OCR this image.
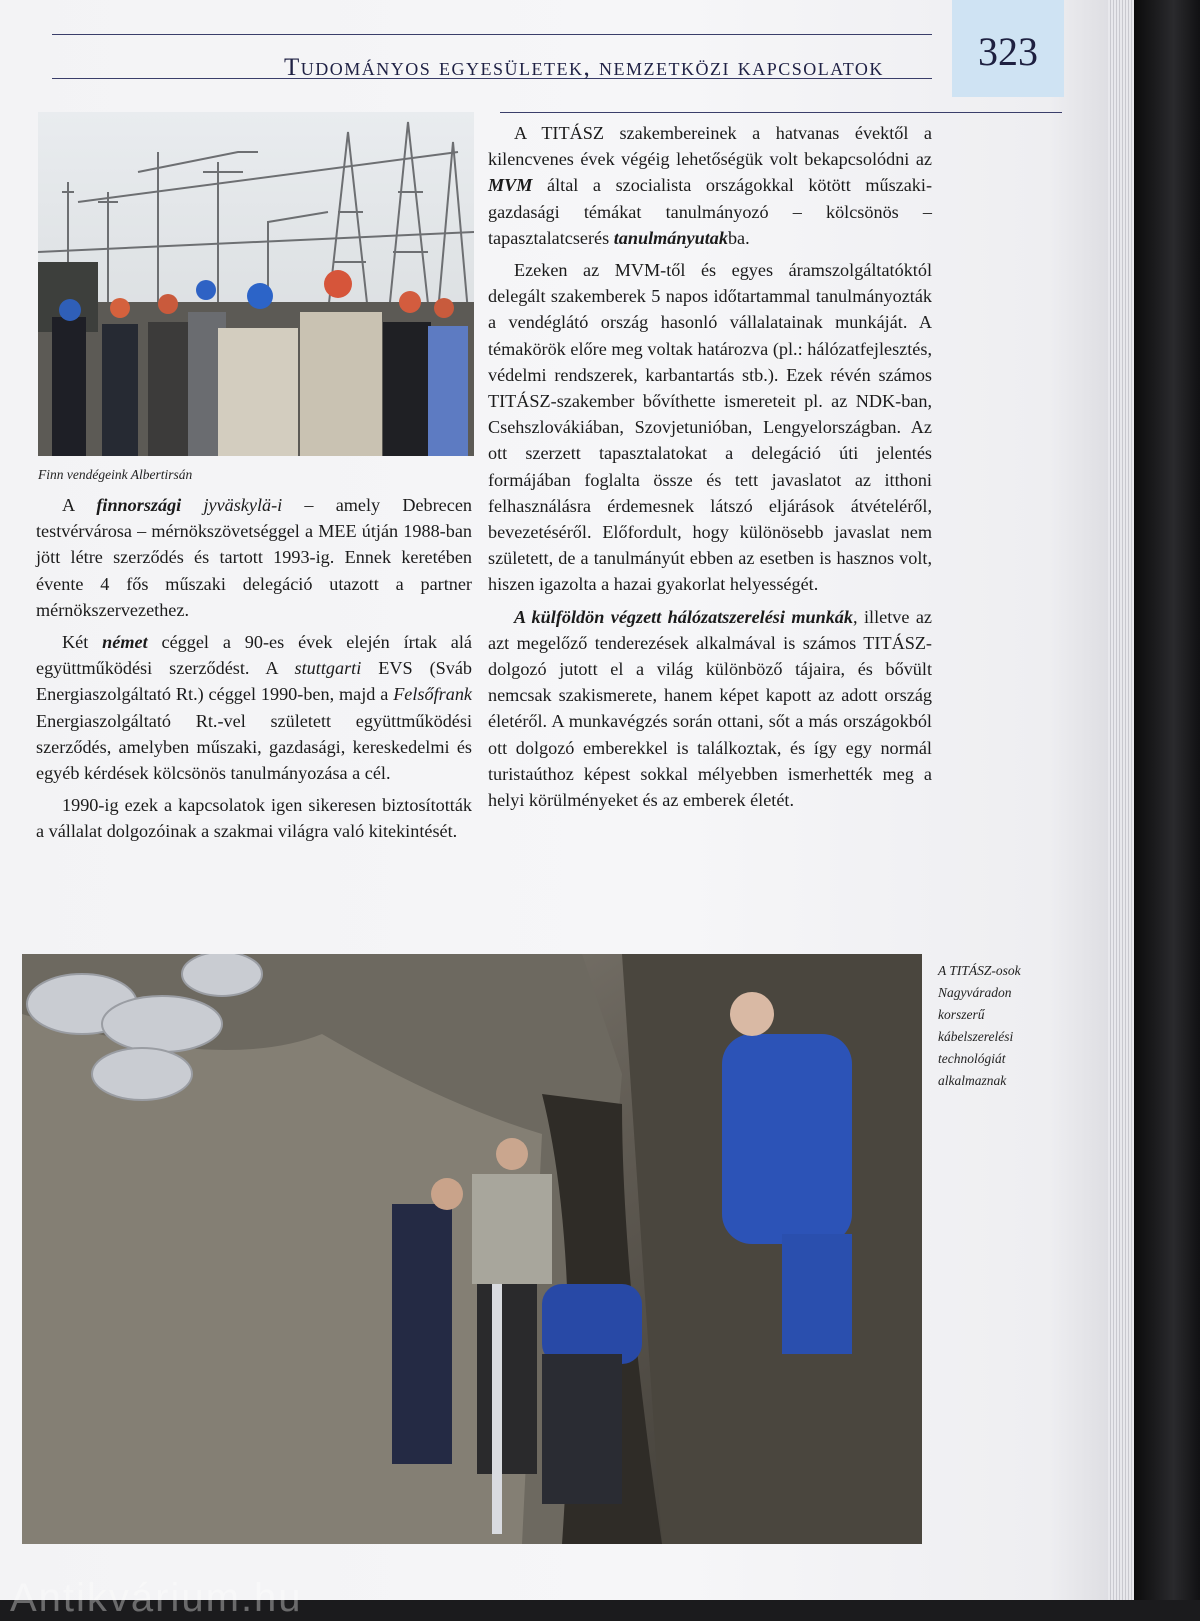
Tudományos egyesületek, nemzetközi kapcsolatok	323
Finn vendégeink Albertirsán

A finnországi jyväskylä-i – amely Debrecen testvérvárosa – mérnökszövetséggel a MEE útján 1988-ban jött létre szerződés és tartott 1993-ig. Ennek keretében évente 4 fős műszaki delegáció utazott a partner mérnökszervezethez.

Két német céggel a 90-es évek elején írtak alá együttműködési szerződést. A stuttgarti EVS (Sváb Energiaszolgáltató Rt.) céggel 1990-ben, majd a Felsőfrank Energiaszolgáltató Rt.-vel született együttműködési szerződés, amelyben műszaki, gazdasági, kereskedelmi és egyéb kérdések kölcsönös tanulmányozása a cél.

1990-ig ezek a kapcsolatok igen sikeresen biztosították a vállalat dolgozóinak a szakmai világra való kitekintését.

A TITÁSZ szakembereinek a hatvanas évektől a kilencvenes évek végéig lehetőségük volt bekapcsolódni az MVM által a szocialista országokkal kötött műszaki-gazdasági témákat tanulmányozó – kölcsönös – tapasztalatcserés tanulmányutakba.

Ezeken az MVM-től és egyes áramszolgáltatóktól delegált szakemberek 5 napos időtartammal tanulmányozták a vendéglátó ország hasonló vállalatainak munkáját. A témakörök előre meg voltak határozva (pl.: hálózatfejlesztés, védelmi rendszerek, karbantartás stb.). Ezek révén számos TITÁSZ-szakember bővíthette ismereteit pl. az NDK-ban, Csehszlovákiában, Szovjetunióban, Lengyelországban. Az ott szerzett tapasztalatokat a delegáció úti jelentés formájában foglalta össze és tett javaslatot az itthoni felhasználásra érdemesnek látszó eljárások átvételéről, bevezetéséről. Előfordult, hogy különösebb javaslat nem született, de a tanulmányút ebben az esetben is hasznos volt, hiszen igazolta a hazai gyakorlat helyességét.

A külföldön végzett hálózatszerelési munkák, illetve az azt megelőző tenderezések alkalmával is számos TITÁSZ-dolgozó jutott el a világ különböző tájaira, és bővült nemcsak szakismerete, hanem képet kapott az adott ország életéről. A munkavégzés során ottani, sőt a más országokból ott dolgozó emberekkel is találkoztak, és így egy normál turistaúthoz képest sokkal mélyebben ismerhették meg a helyi körülményeket és az emberek életét.

A TITÁSZ-osok
Nagyváradon
korszerű
kábelszerelési
technológiát
alkalmaznak
Antikvárium.hu
